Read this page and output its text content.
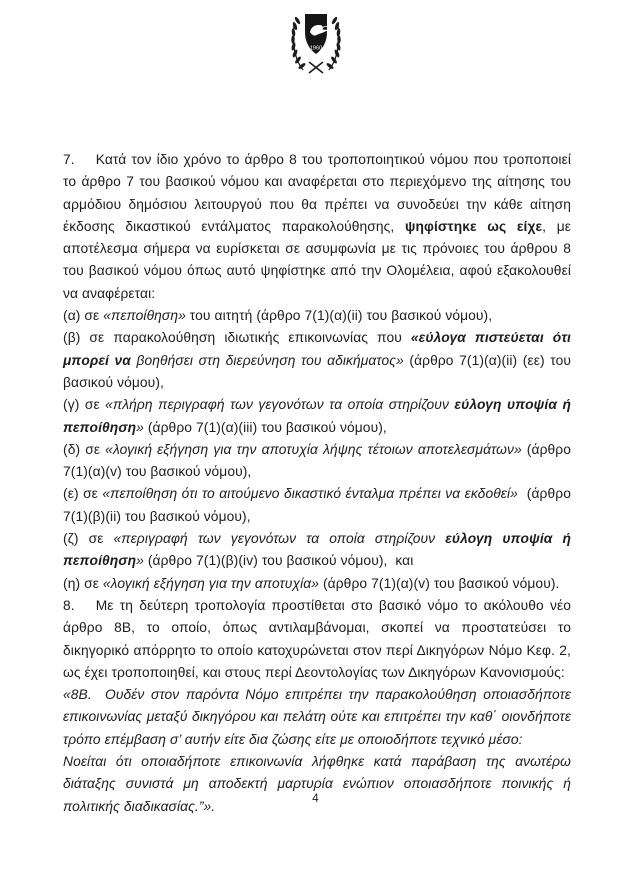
1960

7. Κατά τον ίδιο χρόνο το άρθρο 8 του τροποποιητικού νόμου που τροποποιεί το άρθρο 7 του βασικού νόμου και αναφέρεται στο περιεχόμενο της αίτησης του αρμόδιου δημόσιου λειτουργού που θα πρέπει να συνοδεύει την κάθε αίτηση έκδοσης δικαστικού εντάλματος παρακολούθησης, ψηφίστηκε ως είχε, με αποτέλεσμα σήμερα να ευρίσκεται σε ασυμφωνία με τις πρόνοιες του άρθρου 8 του βασικού νόμου όπως αυτό ψηφίστηκε από την Ολομέλεια, αφού εξακολουθεί να αναφέρεται:

(α) σε «πεποίθηση» του αιτητή (άρθρο 7(1)(α)(ii) του βασικού νόμου),

(β) σε παρακολούθηση ιδιωτικής επικοινωνίας που «εύλογα πιστεύεται ότι μπορεί να βοηθήσει στη διερεύνηση του αδικήματος» (άρθρο 7(1)(α)(ii) (εε) του βασικού νόμου),

(γ) σε «πλήρη περιγραφή των γεγονότων τα οποία στηρίζουν εύλογη υποψία ή πεποίθηση» (άρθρο 7(1)(α)(iii) του βασικού νόμου),

(δ) σε «λογική εξήγηση για την αποτυχία λήψης τέτοιων αποτελεσμάτων» (άρθρο 7(1)(α)(v) του βασικού νόμου),

(ε) σε «πεποίθηση ότι το αιτούμενο δικαστικό ένταλμα πρέπει να εκδοθεί»  (άρθρο 7(1)(β)(ii) του βασικού νόμου),

(ζ) σε «περιγραφή των γεγονότων τα οποία στηρίζουν εύλογη υποψία ή πεποίθηση» (άρθρο 7(1)(β)(iv) του βασικού νόμου),  και

(η) σε «λογική εξήγηση για την αποτυχία» (άρθρο 7(1)(α)(v) του βασικού νόμου).

8. Με τη δεύτερη τροπολογία προστίθεται στο βασικό νόμο το ακόλουθο νέο άρθρο 8Β, το οποίο, όπως αντιλαμβάνομαι, σκοπεί να προστατεύσει το δικηγορικό απόρρητο το οποίο κατοχυρώνεται στον περί Δικηγόρων Νόμο Κεφ. 2, ως έχει τροποποιηθεί, και στους περί Δεοντολογίας των Δικηγόρων Κανονισμούς:

«8Β.  Ουδέν στον παρόντα Νόμο επιτρέπει την παρακολούθηση οποιασδήποτε επικοινωνίας μεταξύ δικηγόρου και πελάτη ούτε και επιτρέπει την καθ΄ οιονδήποτε τρόπο επέμβαση σ’ αυτήν είτε δια ζώσης είτε με οποιοδήποτε τεχνικό μέσο:

Νοείται ότι οποιαδήποτε επικοινωνία λήφθηκε κατά παράβαση της ανωτέρω διάταξης συνιστά μη αποδεκτή μαρτυρία ενώπιον οποιασδήποτε ποινικής ή πολιτικής διαδικασίας.”».	4
